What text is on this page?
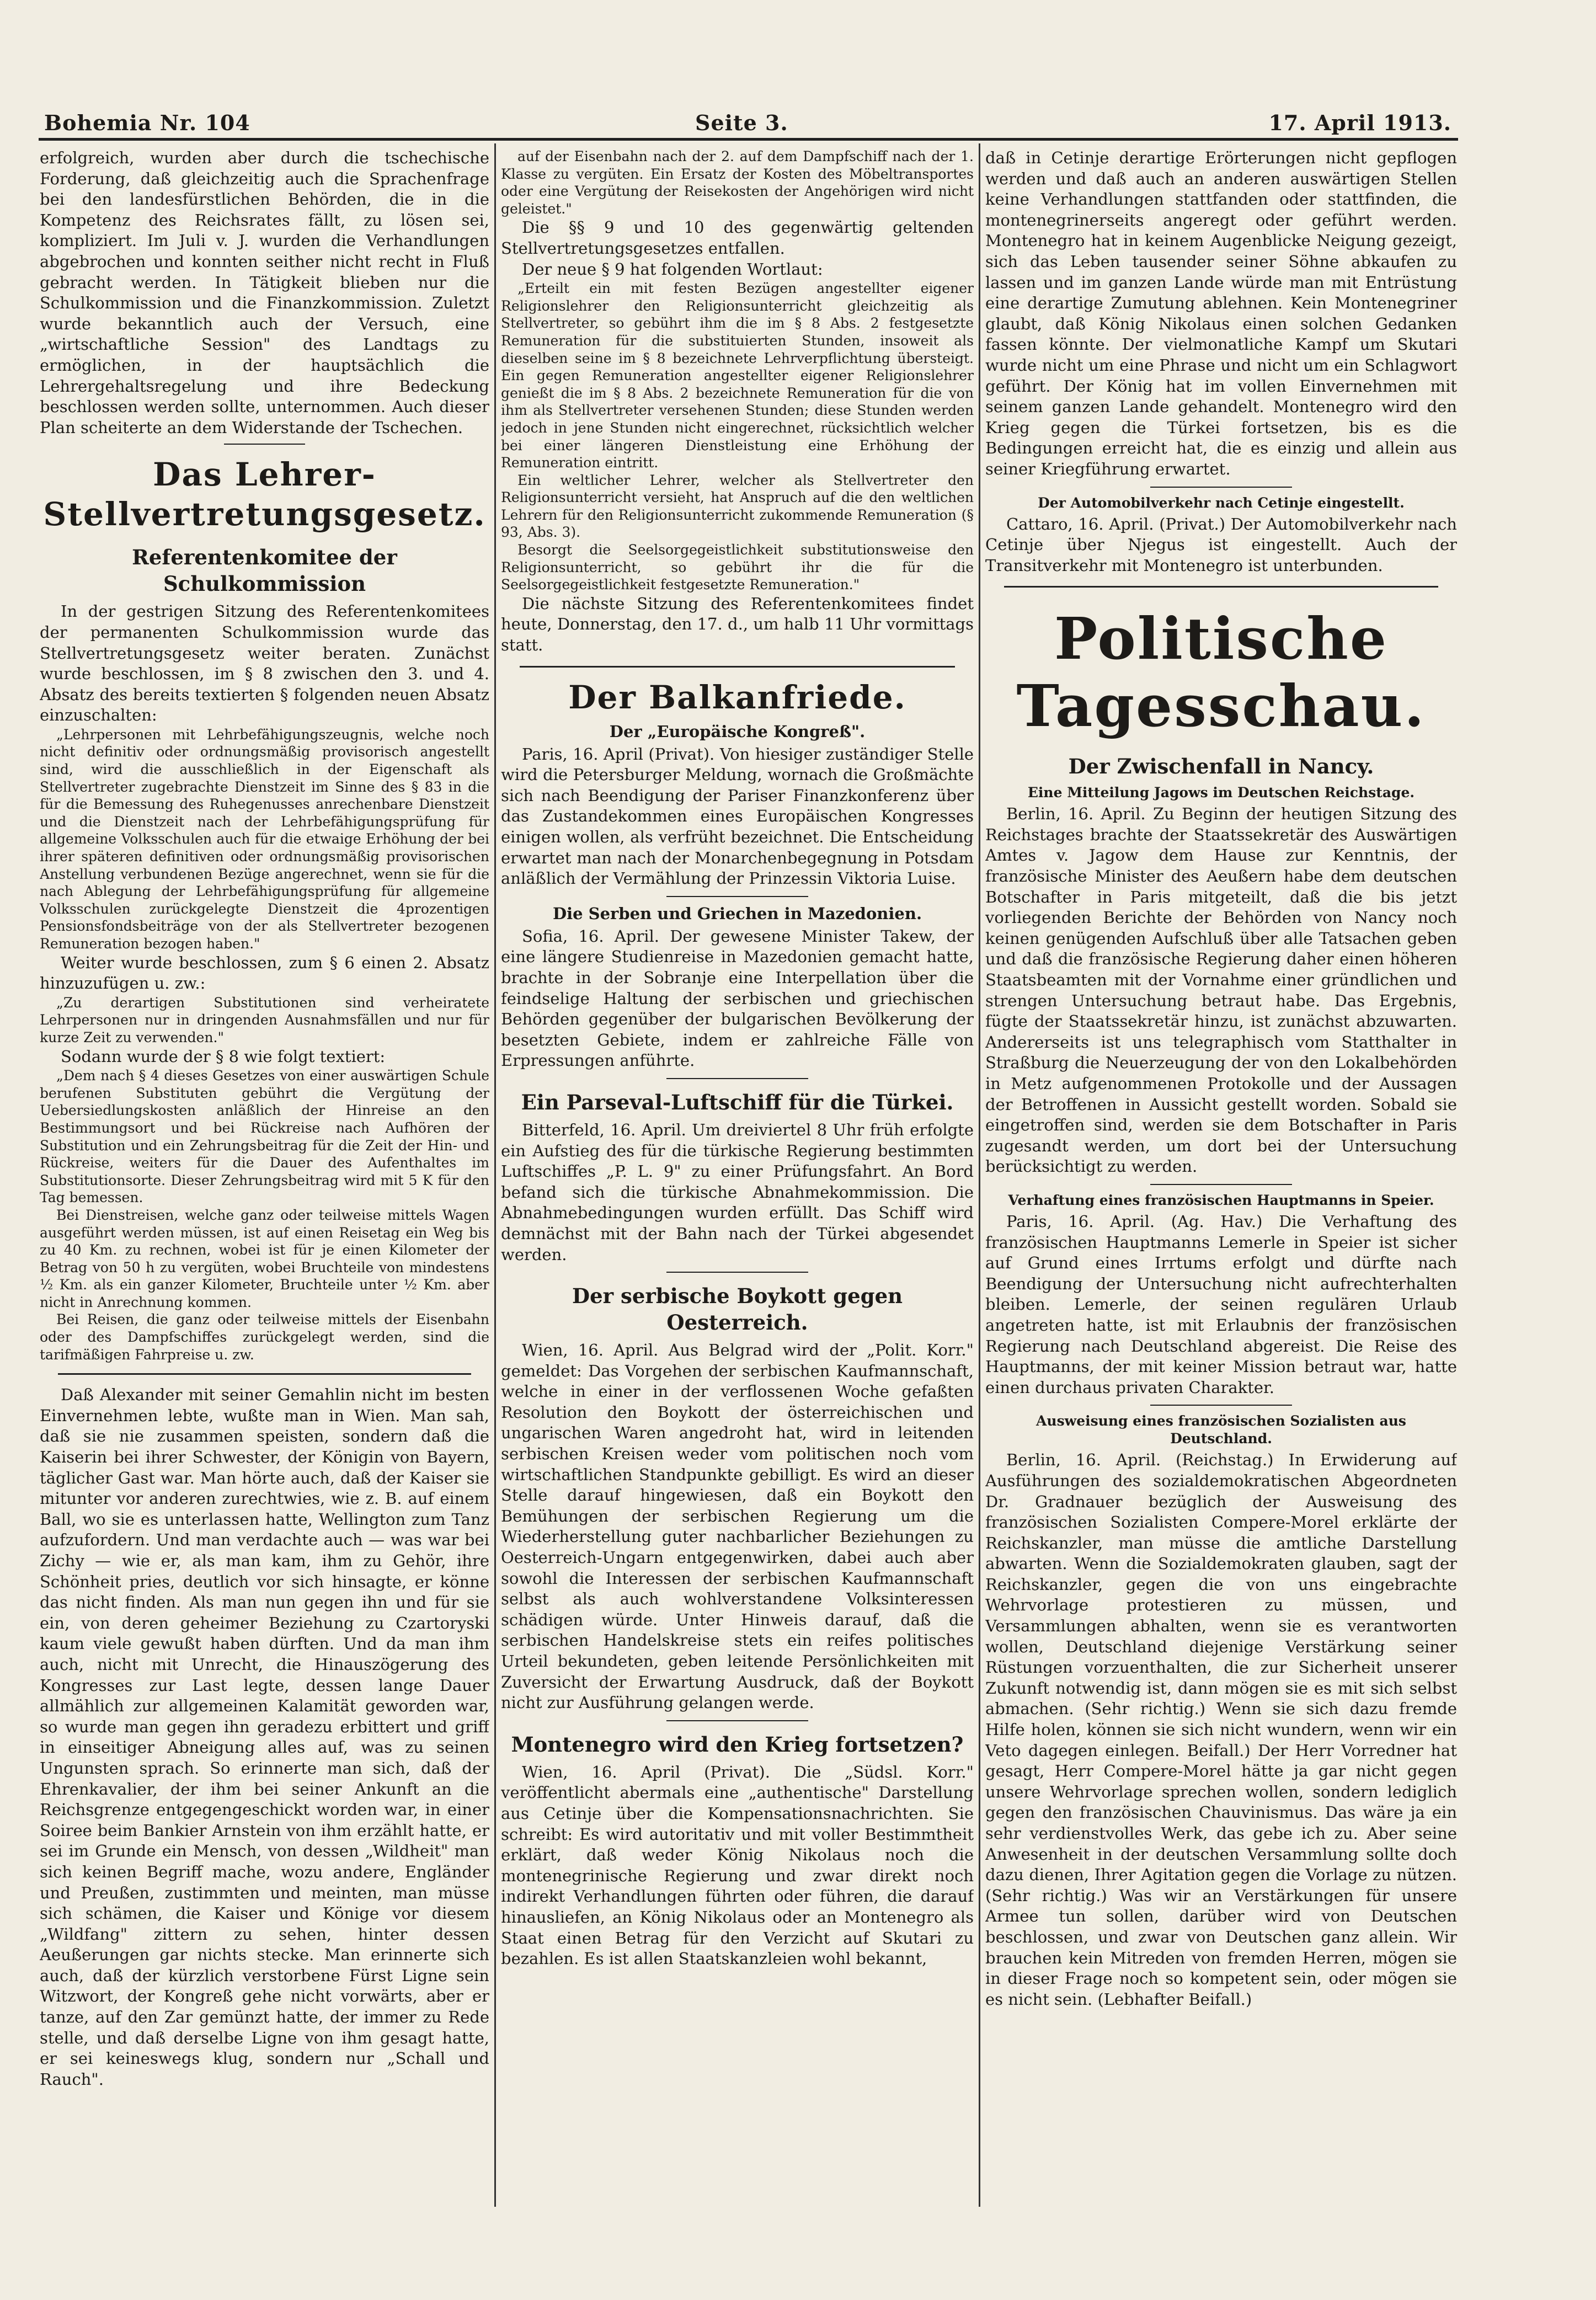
Bohemia Nr. 104	Seite 3.	17. April 1913.

erfolgreich, wurden aber durch die tschechische Forderung, daß gleichzeitig auch die Sprachenfrage bei den landesfürstlichen Behörden, die in die Kompetenz des Reichsrates fällt, zu lösen sei, kompliziert. Im Juli v. J. wurden die Verhandlungen abgebrochen und konnten seither nicht recht in Fluß gebracht werden. In Tätigkeit blieben nur die Schulkommission und die Finanzkommission. Zuletzt wurde bekanntlich auch der Versuch, eine „wirtschaftliche Session" des Landtags zu ermöglichen, in der hauptsächlich die Lehrergehaltsregelung und ihre Bedeckung beschlossen werden sollte, unternommen. Auch dieser Plan scheiterte an dem Widerstande der Tschechen.

Das Lehrer-Stellvertretungsgesetz.
Referentenkomitee der Schulkommission

In der gestrigen Sitzung des Referentenkomitees der permanenten Schulkommission wurde das Stellvertretungsgesetz weiter beraten. Zunächst wurde beschlossen, im § 8 zwischen den 3. und 4. Absatz des bereits textierten § folgenden neuen Absatz einzuschalten:

„Lehrpersonen mit Lehrbefähigungszeugnis, welche noch nicht definitiv oder ordnungsmäßig provisorisch angestellt sind, wird die ausschließlich in der Eigenschaft als Stellvertreter zugebrachte Dienstzeit im Sinne des § 83 in die für die Bemessung des Ruhegenusses anrechenbare Dienstzeit und die Dienstzeit nach der Lehrbefähigungsprüfung für allgemeine Volksschulen auch für die etwaige Erhöhung der bei ihrer späteren definitiven oder ordnungsmäßig provisorischen Anstellung verbundenen Bezüge angerechnet, wenn sie für die nach Ablegung der Lehrbefähigungsprüfung für allgemeine Volksschulen zurückgelegte Dienstzeit die 4prozentigen Pensionsfondsbeiträge von der als Stellvertreter bezogenen Remuneration bezogen haben."

Weiter wurde beschlossen, zum § 6 einen 2. Absatz hinzuzufügen u. zw.:

„Zu derartigen Substitutionen sind verheiratete Lehrpersonen nur in dringenden Ausnahmsfällen und nur für kurze Zeit zu verwenden."

Sodann wurde der § 8 wie folgt textiert:

„Dem nach § 4 dieses Gesetzes von einer auswärtigen Schule berufenen Substituten gebührt die Vergütung der Uebersiedlungskosten anläßlich der Hinreise an den Bestimmungsort und bei Rückreise nach Aufhören der Substitution und ein Zehrungsbeitrag für die Zeit der Hin- und Rückreise, weiters für die Dauer des Aufenthaltes im Substitutionsorte. Dieser Zehrungsbeitrag wird mit 5 K für den Tag bemessen.

Bei Dienstreisen, welche ganz oder teilweise mittels Wagen ausgeführt werden müssen, ist auf einen Reisetag ein Weg bis zu 40 Km. zu rechnen, wobei ist für je einen Kilometer der Betrag von 50 h zu vergüten, wobei Bruchteile von mindestens ½ Km. als ein ganzer Kilometer, Bruchteile unter ½ Km. aber nicht in Anrechnung kommen.

Bei Reisen, die ganz oder teilweise mittels der Eisenbahn oder des Dampfschiffes zurückgelegt werden, sind die tarifmäßigen Fahrpreise u. zw.

Daß Alexander mit seiner Gemahlin nicht im besten Einvernehmen lebte, wußte man in Wien. Man sah, daß sie nie zusammen speisten, sondern daß die Kaiserin bei ihrer Schwester, der Königin von Bayern, täglicher Gast war. Man hörte auch, daß der Kaiser sie mitunter vor anderen zurechtwies, wie z. B. auf einem Ball, wo sie es unterlassen hatte, Wellington zum Tanz aufzufordern. Und man verdachte auch — was war bei Zichy — wie er, als man kam, ihm zu Gehör, ihre Schönheit pries, deutlich vor sich hinsagte, er könne das nicht finden. Als man nun gegen ihn und für sie ein, von deren geheimer Beziehung zu Czartoryski kaum viele gewußt haben dürften. Und da man ihm auch, nicht mit Unrecht, die Hinauszögerung des Kongresses zur Last legte, dessen lange Dauer allmählich zur allgemeinen Kalamität geworden war, so wurde man gegen ihn geradezu erbittert und griff in einseitiger Abneigung alles auf, was zu seinen Ungunsten sprach. So erinnerte man sich, daß der Ehrenkavalier, der ihm bei seiner Ankunft an die Reichsgrenze entgegengeschickt worden war, in einer Soiree beim Bankier Arnstein von ihm erzählt hatte, er sei im Grunde ein Mensch, von dessen „Wildheit" man sich keinen Begriff mache, wozu andere, Engländer und Preußen, zustimmten und meinten, man müsse sich schämen, die Kaiser und Könige vor diesem „Wildfang" zittern zu sehen, hinter dessen Aeußerungen gar nichts stecke. Man erinnerte sich auch, daß der kürzlich verstorbene Fürst Ligne sein Witzwort, der Kongreß gehe nicht vorwärts, aber er tanze, auf den Zar gemünzt hatte, der immer zu Rede stelle, und daß derselbe Ligne von ihm gesagt hatte, er sei keineswegs klug, sondern nur „Schall und Rauch".

auf der Eisenbahn nach der 2. auf dem Dampfschiff nach der 1. Klasse zu vergüten. Ein Ersatz der Kosten des Möbeltransportes oder eine Vergütung der Reisekosten der Angehörigen wird nicht geleistet."

Die §§ 9 und 10 des gegenwärtig geltenden Stellvertretungsgesetzes entfallen.

Der neue § 9 hat folgenden Wortlaut:

„Erteilt ein mit festen Bezügen angestellter eigener Religionslehrer den Religionsunterricht gleichzeitig als Stellvertreter, so gebührt ihm die im § 8 Abs. 2 festgesetzte Remuneration für die substituierten Stunden, insoweit als dieselben seine im § 8 bezeichnete Lehrverpflichtung übersteigt. Ein gegen Remuneration angestellter eigener Religionslehrer genießt die im § 8 Abs. 2 bezeichnete Remuneration für die von ihm als Stellvertreter versehenen Stunden; diese Stunden werden jedoch in jene Stunden nicht eingerechnet, rücksichtlich welcher bei einer längeren Dienstleistung eine Erhöhung der Remuneration eintritt.

Ein weltlicher Lehrer, welcher als Stellvertreter den Religionsunterricht versieht, hat Anspruch auf die den weltlichen Lehrern für den Religionsunterricht zukommende Remuneration (§ 93, Abs. 3).

Besorgt die Seelsorgegeistlichkeit substitutionsweise den Religionsunterricht, so gebührt ihr die für die Seelsorgegeistlichkeit festgesetzte Remuneration."

Die nächste Sitzung des Referentenkomitees findet heute, Donnerstag, den 17. d., um halb 11 Uhr vormittags statt.

Der Balkanfriede.
Der „Europäische Kongreß".

Paris, 16. April (Privat). Von hiesiger zuständiger Stelle wird die Petersburger Meldung, wornach die Großmächte sich nach Beendigung der Pariser Finanzkonferenz über das Zustandekommen eines Europäischen Kongresses einigen wollen, als verfrüht bezeichnet. Die Entscheidung erwartet man nach der Monarchenbegegnung in Potsdam anläßlich der Vermählung der Prinzessin Viktoria Luise.

Die Serben und Griechen in Mazedonien.

Sofia, 16. April. Der gewesene Minister Takew, der eine längere Studienreise in Mazedonien gemacht hatte, brachte in der Sobranje eine Interpellation über die feindselige Haltung der serbischen und griechischen Behörden gegenüber der bulgarischen Bevölkerung der besetzten Gebiete, indem er zahlreiche Fälle von Erpressungen anführte.

Ein Parseval-Luftschiff für die Türkei.

Bitterfeld, 16. April. Um dreiviertel 8 Uhr früh erfolgte ein Aufstieg des für die türkische Regierung bestimmten Luftschiffes „P. L. 9" zu einer Prüfungsfahrt. An Bord befand sich die türkische Abnahmekommission. Die Abnahmebedingungen wurden erfüllt. Das Schiff wird demnächst mit der Bahn nach der Türkei abgesendet werden.

Der serbische Boykott gegen Oesterreich.

Wien, 16. April. Aus Belgrad wird der „Polit. Korr." gemeldet: Das Vorgehen der serbischen Kaufmannschaft, welche in einer in der verflossenen Woche gefaßten Resolution den Boykott der österreichischen und ungarischen Waren angedroht hat, wird in leitenden serbischen Kreisen weder vom politischen noch vom wirtschaftlichen Standpunkte gebilligt. Es wird an dieser Stelle darauf hingewiesen, daß ein Boykott den Bemühungen der serbischen Regierung um die Wiederherstellung guter nachbarlicher Beziehungen zu Oesterreich-Ungarn entgegenwirken, dabei auch aber sowohl die Interessen der serbischen Kaufmannschaft selbst als auch wohlverstandene Volksinteressen schädigen würde. Unter Hinweis darauf, daß die serbischen Handelskreise stets ein reifes politisches Urteil bekundeten, geben leitende Persönlichkeiten mit Zuversicht der Erwartung Ausdruck, daß der Boykott nicht zur Ausführung gelangen werde.

Montenegro wird den Krieg fortsetzen?

Wien, 16. April (Privat). Die „Südsl. Korr." veröffentlicht abermals eine „authentische" Darstellung aus Cetinje über die Kompensationsnachrichten. Sie schreibt: Es wird autoritativ und mit voller Bestimmtheit erklärt, daß weder König Nikolaus noch die montenegrinische Regierung und zwar direkt noch indirekt Verhandlungen führten oder führen, die darauf hinausliefen, an König Nikolaus oder an Montenegro als Staat einen Betrag für den Verzicht auf Skutari zu bezahlen. Es ist allen Staatskanzleien wohl bekannt,

daß in Cetinje derartige Erörterungen nicht gepflogen werden und daß auch an anderen auswärtigen Stellen keine Verhandlungen stattfanden oder stattfinden, die montenegrinerseits angeregt oder geführt werden. Montenegro hat in keinem Augenblicke Neigung gezeigt, sich das Leben tausender seiner Söhne abkaufen zu lassen und im ganzen Lande würde man mit Entrüstung eine derartige Zumutung ablehnen. Kein Montenegriner glaubt, daß König Nikolaus einen solchen Gedanken fassen könnte. Der vielmonatliche Kampf um Skutari wurde nicht um eine Phrase und nicht um ein Schlagwort geführt. Der König hat im vollen Einvernehmen mit seinem ganzen Lande gehandelt. Montenegro wird den Krieg gegen die Türkei fortsetzen, bis es die Bedingungen erreicht hat, die es einzig und allein aus seiner Kriegführung erwartet.

Der Automobilverkehr nach Cetinje eingestellt.

Cattaro, 16. April. (Privat.) Der Automobilverkehr nach Cetinje über Njegus ist eingestellt. Auch der Transitverkehr mit Montenegro ist unterbunden.

Politische Tagesschau.
Der Zwischenfall in Nancy.
Eine Mitteilung Jagows im Deutschen Reichstage.

Berlin, 16. April. Zu Beginn der heutigen Sitzung des Reichstages brachte der Staatssekretär des Auswärtigen Amtes v. Jagow dem Hause zur Kenntnis, der französische Minister des Aeußern habe dem deutschen Botschafter in Paris mitgeteilt, daß die bis jetzt vorliegenden Berichte der Behörden von Nancy noch keinen genügenden Aufschluß über alle Tatsachen geben und daß die französische Regierung daher einen höheren Staatsbeamten mit der Vornahme einer gründlichen und strengen Untersuchung betraut habe. Das Ergebnis, fügte der Staatssekretär hinzu, ist zunächst abzuwarten. Andererseits ist uns telegraphisch vom Statthalter in Straßburg die Neuerzeugung der von den Lokalbehörden in Metz aufgenommenen Protokolle und der Aussagen der Betroffenen in Aussicht gestellt worden. Sobald sie eingetroffen sind, werden sie dem Botschafter in Paris zugesandt werden, um dort bei der Untersuchung berücksichtigt zu werden.

Verhaftung eines französischen Hauptmanns in Speier.

Paris, 16. April. (Ag. Hav.) Die Verhaftung des französischen Hauptmanns Lemerle in Speier ist sicher auf Grund eines Irrtums erfolgt und dürfte nach Beendigung der Untersuchung nicht aufrechterhalten bleiben. Lemerle, der seinen regulären Urlaub angetreten hatte, ist mit Erlaubnis der französischen Regierung nach Deutschland abgereist. Die Reise des Hauptmanns, der mit keiner Mission betraut war, hatte einen durchaus privaten Charakter.

Ausweisung eines französischen Sozialisten aus Deutschland.

Berlin, 16. April. (Reichstag.) In Erwiderung auf Ausführungen des sozialdemokratischen Abgeordneten Dr. Gradnauer bezüglich der Ausweisung des französischen Sozialisten Compere-Morel erklärte der Reichskanzler, man müsse die amtliche Darstellung abwarten. Wenn die Sozialdemokraten glauben, sagt der Reichskanzler, gegen die von uns eingebrachte Wehrvorlage protestieren zu müssen, und Versammlungen abhalten, wenn sie es verantworten wollen, Deutschland diejenige Verstärkung seiner Rüstungen vorzuenthalten, die zur Sicherheit unserer Zukunft notwendig ist, dann mögen sie es mit sich selbst abmachen. (Sehr richtig.) Wenn sie sich dazu fremde Hilfe holen, können sie sich nicht wundern, wenn wir ein Veto dagegen einlegen. Beifall.) Der Herr Vorredner hat gesagt, Herr Compere-Morel hätte ja gar nicht gegen unsere Wehrvorlage sprechen wollen, sondern lediglich gegen den französischen Chauvinismus. Das wäre ja ein sehr verdienstvolles Werk, das gebe ich zu. Aber seine Anwesenheit in der deutschen Versammlung sollte doch dazu dienen, Ihrer Agitation gegen die Vorlage zu nützen. (Sehr richtig.) Was wir an Verstärkungen für unsere Armee tun sollen, darüber wird von Deutschen beschlossen, und zwar von Deutschen ganz allein. Wir brauchen kein Mitreden von fremden Herren, mögen sie in dieser Frage noch so kompetent sein, oder mögen sie es nicht sein. (Lebhafter Beifall.)
